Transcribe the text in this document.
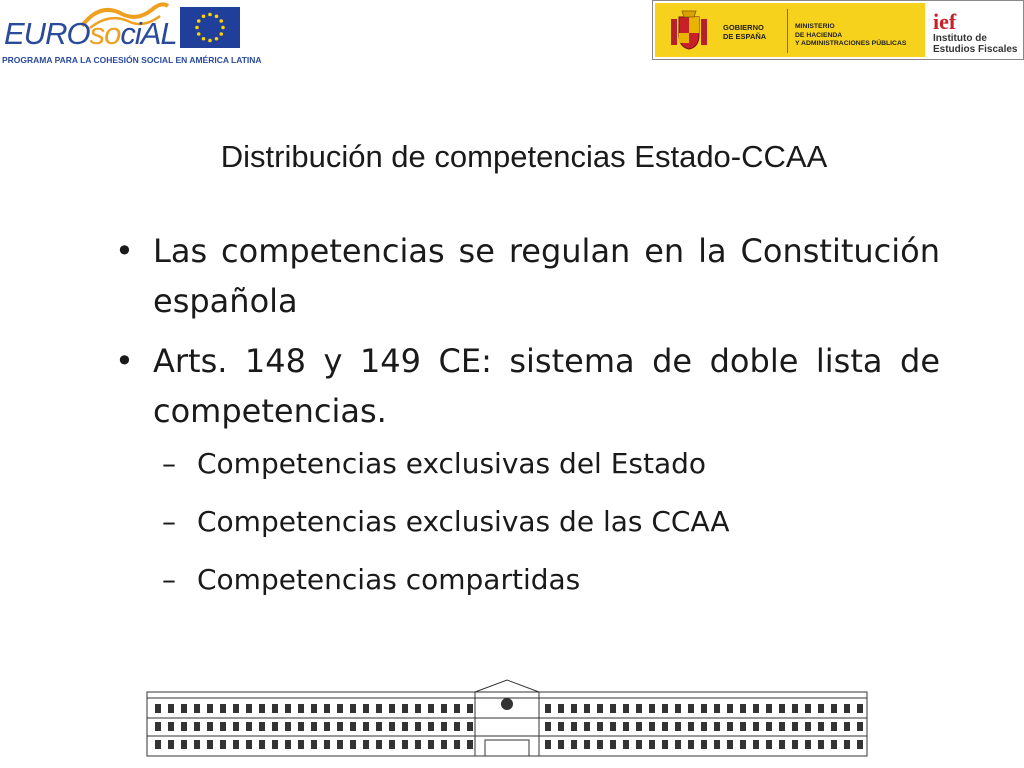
EUROsociAL
PROGRAMA PARA LA COHESIÓN SOCIAL EN AMÉRICA LATINA
GOBIERNO
DE ESPAÑA
MINISTERIO
DE HACIENDA
Y ADMINISTRACIONES PÚBLICAS
ief
Instituto de
Estudios Fiscales
Distribución de competencias Estado-CCAA
• Las competencias se regulan en la Constitución española
• Arts. 148 y 149 CE: sistema de doble lista de competencias.
– Competencias exclusivas del Estado
– Competencias exclusivas de las CCAA
– Competencias compartidas
